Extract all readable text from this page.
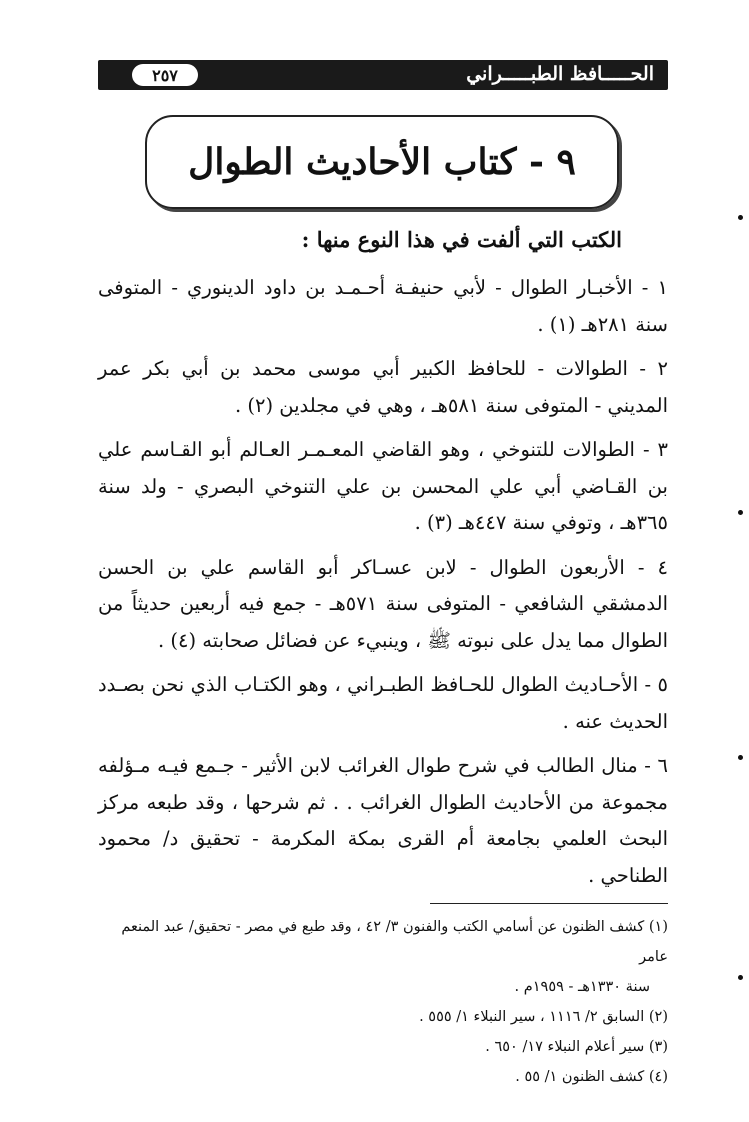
الحـــــافظ الطبـــــراني
٢٥٧
٩ - كتاب الأحاديث الطوال
الكتب التي ألفت في هذا النوع منها :

١ - الأخبـار الطوال - لأبي حنيفـة أحـمـد بن داود الدينوري - المتوفى سنة ٢٨١هـ (١) .

٢ - الطوالات - للحافظ الكبير أبي موسى محمد بن أبي بكر عمر المديني - المتوفى سنة ٥٨١هـ ، وهي في مجلدين (٢) .

٣ - الطوالات للتنوخي ، وهو القاضي المعـمـر العـالم أبو القـاسم علي بن القـاضي أبي علي المحسن بن علي التنوخي البصري - ولد سنة ٣٦٥هـ ، وتوفي سنة ٤٤٧هـ (٣) .

٤ - الأربعون الطوال - لابن عسـاكر أبو القاسم علي بن الحسن الدمشقي الشافعي - المتوفى سنة ٥٧١هـ - جمع فيه أربعين حديثاً من الطوال مما يدل على نبوته ﷺ ، وينبيء عن فضائل صحابته (٤) .

٥ - الأحـاديث الطوال للحـافظ الطبـراني ، وهو الكتـاب الذي نحن بصـدد الحديث عنه .

٦ - منال الطالب في شرح طوال الغرائب لابن الأثير - جـمع فيـه مـؤلفه مجموعة من الأحاديث الطوال الغرائب . . ثم شرحها ، وقد طبعه مركز البحث العلمي بجامعة أم القرى بمكة المكرمة - تحقيق د/ محمود الطناحي .

(١) كشف الظنون عن أسامي الكتب والفنون ٣/ ٤٢ ، وقد طبع في مصر - تحقيق/ عبد المنعم عامر
سنة ١٣٣٠هـ - ١٩٥٩م .
(٢) السابق ٢/ ١١١٦ ، سير النبلاء ١/ ٥٥٥ .
(٣) سير أعلام النبلاء ١٧/ ٦٥٠ .
(٤) كشف الظنون ١/ ٥٥ .
